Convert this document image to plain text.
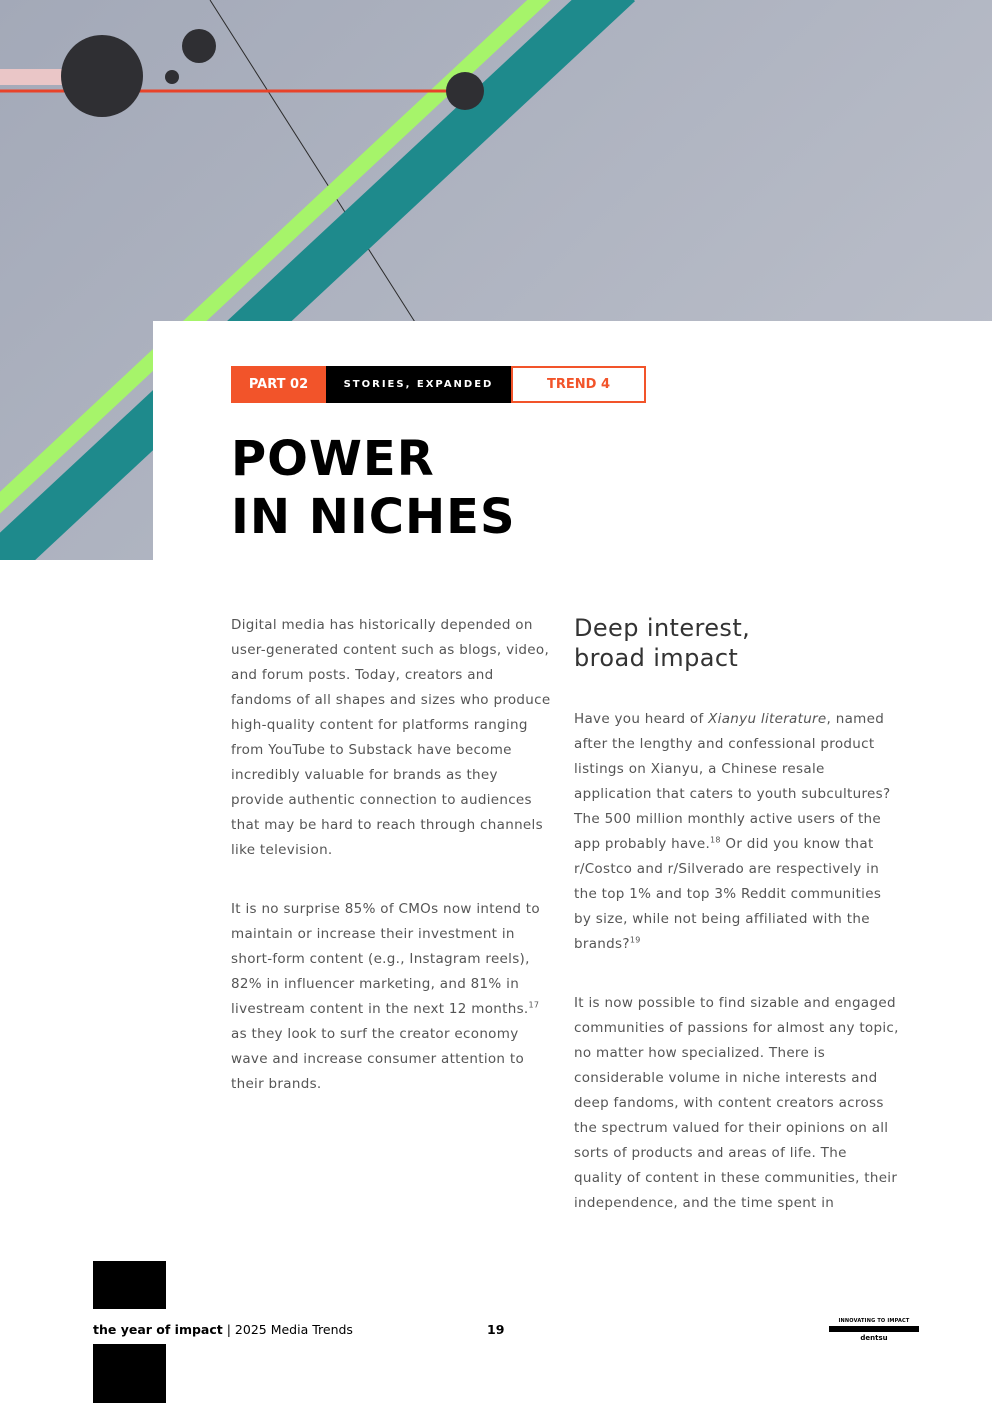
PART 02	STORIES, EXPANDED	TREND 4
POWER
IN NICHES

Digital media has historically depended on user-generated content such as blogs, video, and forum posts. Today, creators and fandoms of all shapes and sizes who produce high-quality content for platforms ranging from YouTube to Substack have become incredibly valuable for brands as they provide authentic connection to audiences that may be hard to reach through channels like television.

It is no surprise 85% of CMOs now intend to maintain or increase their investment in short-form content (e.g., Instagram reels), 82% in influencer marketing, and 81% in livestream content in the next 12 months.$^{17}$ as they look to surf the creator economy wave and increase consumer attention to their brands.

Deep interest,
broad impact

Have you heard of Xianyu literature, named after the lengthy and confessional product listings on Xianyu, a Chinese resale application that caters to youth subcultures? The 500 million monthly active users of the app probably have.$^{18}$ Or did you know that r/Costco and r/Silverado are respectively in the top 1% and top 3% Reddit communities by size, while not being affiliated with the brands?$^{19}$

It is now possible to find sizable and engaged communities of passions for almost any topic, no matter how specialized. There is considerable volume in niche interests and deep fandoms, with content creators across the spectrum valued for their opinions on all sorts of products and areas of life. The quality of content in these communities, their independence, and the time spent in

the year of impact | 2025 Media Trends	19
INNOVATING TO IMPACT
dentsu
